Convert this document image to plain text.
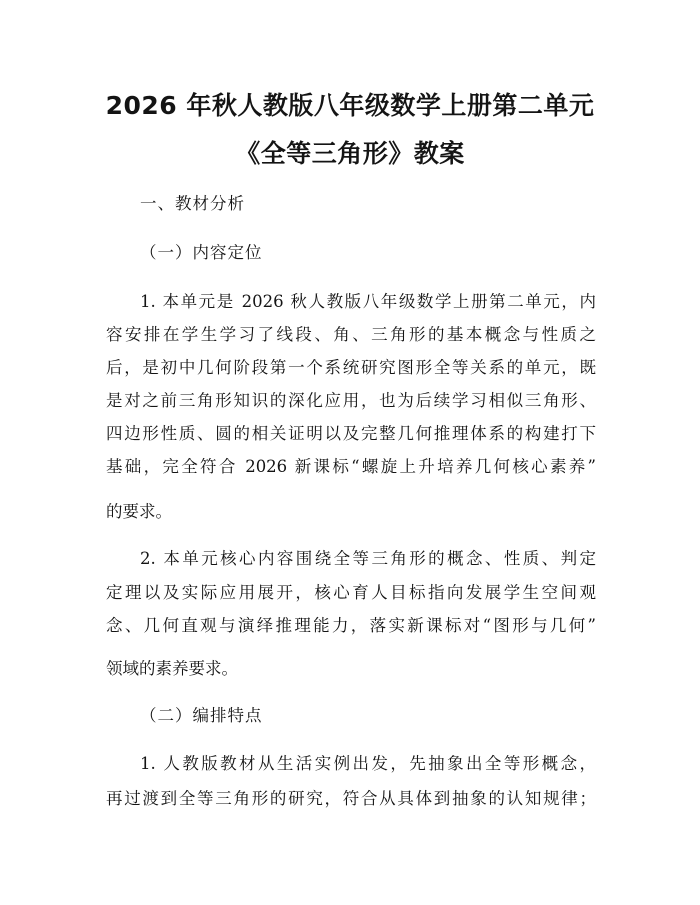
2026 年秋人教版八年级数学上册第二单元
《全等三角形》教案
一、教材分析
（一）内容定位
1. 本单元是 2026 秋人教版八年级数学上册第二单元，内
容安排在学生学习了线段、角、三角形的基本概念与性质之
后，是初中几何阶段第一个系统研究图形全等关系的单元，既
是对之前三角形知识的深化应用，也为后续学习相似三角形、
四边形性质、圆的相关证明以及完整几何推理体系的构建打下
基础，完全符合 2026 新课标“螺旋上升培养几何核心素养”
的要求。
2. 本单元核心内容围绕全等三角形的概念、性质、判定
定理以及实际应用展开，核心育人目标指向发展学生空间观
念、几何直观与演绎推理能力，落实新课标对“图形与几何”
领域的素养要求。
（二）编排特点
1. 人教版教材从生活实例出发，先抽象出全等形概念，
再过渡到全等三角形的研究，符合从具体到抽象的认知规律；
